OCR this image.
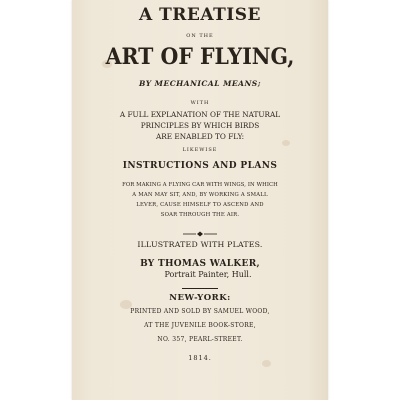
A TREATISE
ON THE
ART OF FLYING,
BY MECHANICAL MEANS;
WITH
A FULL EXPLANATION OF THE NATURAL
PRINCIPLES BY WHICH BIRDS
ARE ENABLED TO FLY:
LIKEWISE
INSTRUCTIONS AND PLANS
FOR MAKING A FLYING CAR WITH WINGS, IN WHICH
A MAN MAY SIT, AND, BY WORKING A SMALL
LEVER, CAUSE HIMSELF TO ASCEND AND
SOAR THROUGH THE AIR.
ILLUSTRATED WITH PLATES.
BY THOMAS WALKER,
Portrait Painter, Hull.
NEW-YORK:
PRINTED AND SOLD BY SAMUEL WOOD,
AT THE JUVENILE BOOK-STORE,
NO. 357, PEARL-STREET.
1814.
